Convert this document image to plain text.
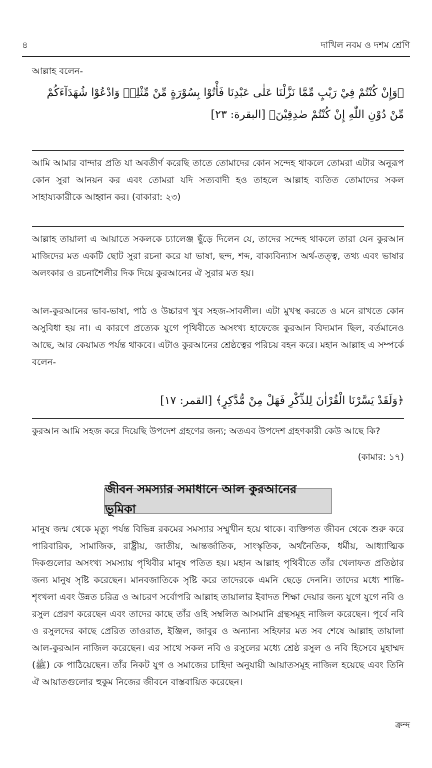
৪	দাখিল নবম ও দশম শ্রেণি
আল্লাহ বলেন-
﴿وَإِنْ كُنْتُمْ فِيْ رَيْبٍ مِّمَّا نَزَّلْنَا عَلٰى عَبْدِنَا فَأْتُوْا بِسُوْرَةٍ مِّنْ مِّثْلِهٖ وَادْعُوْا شُهَدَآءَكُمْ مِّنْ دُوْنِ اللّٰهِ إِنْ كُنْتُمْ صٰدِقِيْنَ﴾ [البقرة: ٢٣]
আমি আমার বান্দার প্রতি যা অবতীর্ণ করেছি তাতে তোমাদের কোন সন্দেহ থাকলে তোমরা এটার অনুরূপ কোন সুরা আনয়ন কর এবং তোমরা যদি সত্যবাদী হও তাহলে আল্লাহ ব্যতিত তোমাদের সকল সাহায্যকারীকে আহ্বান কর। (বাকারা: ২৩)
আল্লাহ তায়ালা এ আয়াতে সকলকে চ্যালেঞ্জ ছুঁড়ে দিলেন যে, তাদের সন্দেহ থাকলে তারা যেন কুরআন মাজিদের মত একটি ছোট সুরা রচনা করে যা ভাষা, ছন্দ, শব্দ, বাক্যবিন্যাস অর্থ-তত্ত্ব, তথ্য এবং ভাষার অলংকার ও রচনাশৈলীর দিক দিয়ে কুরআনের ঐ সুরার মত হয়।
আল-কুরআনের ভাব-ভাষা, পাঠ ও উচ্চারণ খুব সহজ-সাবলীল। এটা মুখস্থ করতে ও মনে রাখতে কোন অসুবিধা হয় না। এ কারণে প্রত্যেক যুগে পৃথিবীতে অসংখ্য হাফেজে কুরআন বিদ্যমান ছিল, বর্তমানেও আছে, আর কেয়ামত পর্যন্ত থাকবে। এটাও কুরআনের শ্রেষ্ঠত্বের পরিচয় বহন করে। মহান আল্লাহ এ সম্পর্কে বলেন-
﴿وَلَقَدْ يَسَّرْنَا الْقُرْاٰنَ لِلذِّكْرِ فَهَلْ مِنْ مُّدَّكِرٍ﴾ [القمر: ١٧]
কুরআন আমি সহজ করে দিয়েছি উপদেশ গ্রহণের জন্য; অতএব উপদেশ গ্রহণকারী কেউ আছে কি?
(কামার: ১৭)
জীবন সমস্যার সমাধানে আল কুরআনের ভূমিকা
মানুষ জন্ম থেকে মৃত্যু পর্যন্ত বিভিন্ন রকমের সমস্যার সম্মুখীন হয়ে থাকে। ব্যক্তিগত জীবন থেকে শুরু করে পারিবারিক, সামাজিক, রাষ্ট্রীয়, জাতীয়, আন্তর্জাতিক, সাংস্কৃতিক, অর্থনৈতিক, ধর্মীয়, আধ্যাত্মিক দিকগুলোর অসংখ্য সমস্যায় পৃথিবীর মানুষ পতিত হয়। মহান আল্লাহ পৃথিবীতে তাঁর খেলাফত প্রতিষ্ঠার জন্য মানুষ সৃষ্টি করেছেন। মানবজাতিকে সৃষ্টি করে তাদেরকে এমনি ছেড়ে দেননি। তাদের মধ্যে শান্তি-শৃংখলা এবং উন্নত চরিত্র ও আচরণ সর্বোপরি আল্লাহ তায়ালার ইবাদত শিক্ষা দেয়ার জন্য যুগে যুগে নবি ও রসুল প্রেরণ করেছেন এবং তাদের কাছে তাঁর ওহি সম্বলিত আসমানি গ্রন্থসমূহ নাজিল করেছেন। পূর্বে নবি ও রসুলদের কাছে প্রেরিত তাওরাত, ইঞ্জিল, জাবুর ও অন্যান্য সহিফার মত সব শেষে আল্লাহ তায়ালা আল-কুরআন নাজিল করেছেন। এর সাথে সকল নবি ও রসুলের মধ্যে শ্রেষ্ঠ রসুল ও নবি হিসেবে মুহাম্মদ (ﷺ) কে পাঠিয়েছেন। তাঁর নিকট যুগ ও সমাজের চাহিদা অনুযায়ী আয়াতসমূহ নাজিল হয়েছে এবং তিনি ঐ আয়াতগুলোর হুকুম নিজের জীবনে বাস্তবায়িত করেছেন।
ক্রন্দ
